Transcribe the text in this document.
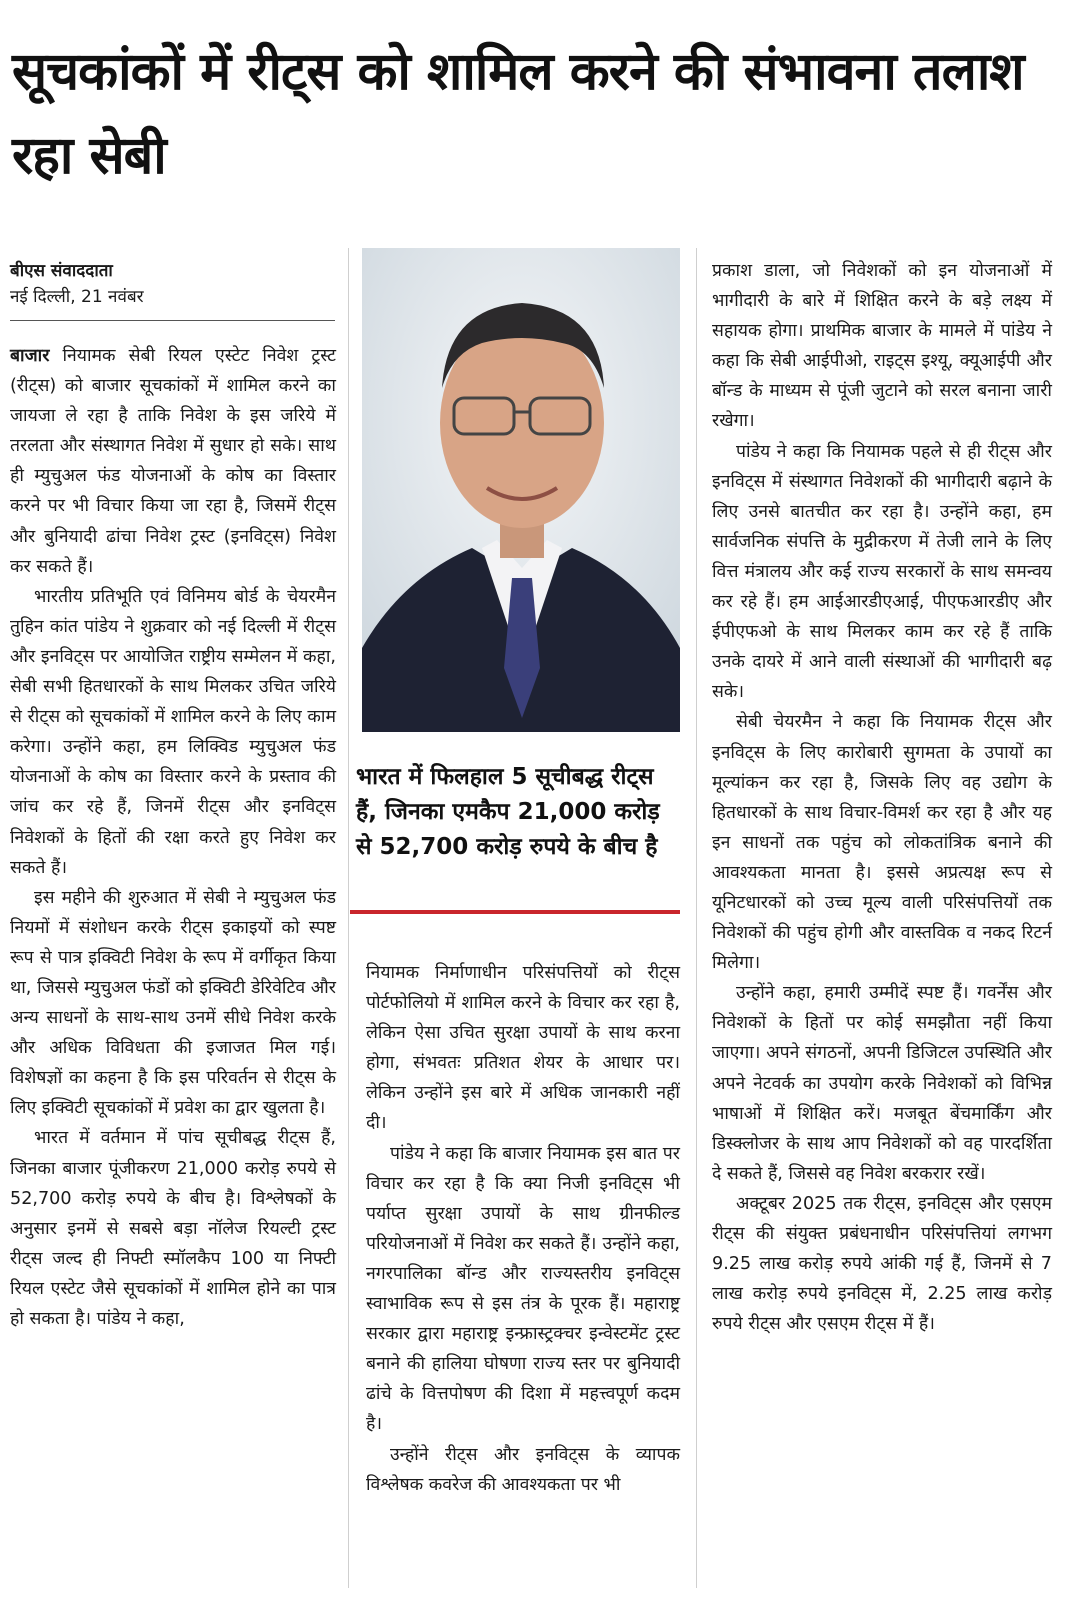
सूचकांकों में रीट्स को शामिल करने की संभावना तलाश रहा सेबी
बीएस संवाददाता
नई दिल्ली, 21 नवंबर

बाजार नियामक सेबी रियल एस्टेट निवेश ट्रस्ट (रीट्स) को बाजार सूचकांकों में शामिल करने का जायजा ले रहा है ताकि निवेश के इस जरिये में तरलता और संस्थागत निवेश में सुधार हो सके। साथ ही म्युचुअल फंड योजनाओं के कोष का विस्तार करने पर भी विचार किया जा रहा है, जिसमें रीट्स और बुनियादी ढांचा निवेश ट्रस्ट (इनविट्स) निवेश कर सकते हैं।

भारतीय प्रतिभूति एवं विनिमय बोर्ड के चेयरमैन तुहिन कांत पांडेय ने शुक्रवार को नई दिल्ली में रीट्स और इनविट्स पर आयोजित राष्ट्रीय सम्मेलन में कहा, सेबी सभी हितधारकों के साथ मिलकर उचित जरिये से रीट्स को सूचकांकों में शामिल करने के लिए काम करेगा। उन्होंने कहा, हम लिक्विड म्युचुअल फंड योजनाओं के कोष का विस्तार करने के प्रस्ताव की जांच कर रहे हैं, जिनमें रीट्स और इनविट्स निवेशकों के हितों की रक्षा करते हुए निवेश कर सकते हैं।

इस महीने की शुरुआत में सेबी ने म्युचुअल फंड नियमों में संशोधन करके रीट्स इकाइयों को स्पष्ट रूप से पात्र इक्विटी निवेश के रूप में वर्गीकृत किया था, जिससे म्युचुअल फंडों को इक्विटी डेरिवेटिव और अन्य साधनों के साथ-साथ उनमें सीधे निवेश करके और अधिक विविधता की इजाजत मिल गई। विशेषज्ञों का कहना है कि इस परिवर्तन से रीट्स के लिए इक्विटी सूचकांकों में प्रवेश का द्वार खुलता है।

भारत में वर्तमान में पांच सूचीबद्ध रीट्स हैं, जिनका बाजार पूंजीकरण 21,000 करोड़ रुपये से 52,700 करोड़ रुपये के बीच है। विश्लेषकों के अनुसार इनमें से सबसे बड़ा नॉलेज रियल्टी ट्रस्ट रीट्स जल्द ही निफ्टी स्मॉलकैप 100 या निफ्टी रियल एस्टेट जैसे सूचकांकों में शामिल होने का पात्र हो सकता है। पांडेय ने कहा,

भारत में फिलहाल 5 सूचीबद्ध रीट्स हैं, जिनका एमकैप 21,000 करोड़ से 52,700 करोड़ रुपये के बीच है

नियामक निर्माणाधीन परिसंपत्तियों को रीट्स पोर्टफोलियो में शामिल करने के विचार कर रहा है, लेकिन ऐसा उचित सुरक्षा उपायों के साथ करना होगा, संभवतः प्रतिशत शेयर के आधार पर। लेकिन उन्होंने इस बारे में अधिक जानकारी नहीं दी।

पांडेय ने कहा कि बाजार नियामक इस बात पर विचार कर रहा है कि क्या निजी इनविट्स भी पर्याप्त सुरक्षा उपायों के साथ ग्रीनफील्ड परियोजनाओं में निवेश कर सकते हैं। उन्होंने कहा, नगरपालिका बॉन्ड और राज्यस्तरीय इनविट्स स्वाभाविक रूप से इस तंत्र के पूरक हैं। महाराष्ट्र सरकार द्वारा महाराष्ट्र इन्फ्रास्ट्रक्चर इन्वेस्टमेंट ट्रस्ट बनाने की हालिया घोषणा राज्य स्तर पर बुनियादी ढांचे के वित्तपोषण की दिशा में महत्त्वपूर्ण कदम है।

उन्होंने रीट्स और इनविट्स के व्यापक विश्लेषक कवरेज की आवश्यकता पर भी

प्रकाश डाला, जो निवेशकों को इन योजनाओं में भागीदारी के बारे में शिक्षित करने के बड़े लक्ष्य में सहायक होगा। प्राथमिक बाजार के मामले में पांडेय ने कहा कि सेबी आईपीओ, राइट्स इश्यू, क्यूआईपी और बॉन्ड के माध्यम से पूंजी जुटाने को सरल बनाना जारी रखेगा।

पांडेय ने कहा कि नियामक पहले से ही रीट्स और इनविट्स में संस्थागत निवेशकों की भागीदारी बढ़ाने के लिए उनसे बातचीत कर रहा है। उन्होंने कहा, हम सार्वजनिक संपत्ति के मुद्रीकरण में तेजी लाने के लिए वित्त मंत्रालय और कई राज्य सरकारों के साथ समन्वय कर रहे हैं। हम आईआरडीएआई, पीएफआरडीए और ईपीएफओ के साथ मिलकर काम कर रहे हैं ताकि उनके दायरे में आने वाली संस्थाओं की भागीदारी बढ़ सके।

सेबी चेयरमैन ने कहा कि नियामक रीट्स और इनविट्स के लिए कारोबारी सुगमता के उपायों का मूल्यांकन कर रहा है, जिसके लिए वह उद्योग के हितधारकों के साथ विचार-विमर्श कर रहा है और यह इन साधनों तक पहुंच को लोकतांत्रिक बनाने की आवश्यकता मानता है। इससे अप्रत्यक्ष रूप से यूनिटधारकों को उच्च मूल्य वाली परिसंपत्तियों तक निवेशकों की पहुंच होगी और वास्तविक व नकद रिटर्न मिलेगा।

उन्होंने कहा, हमारी उम्मीदें स्पष्ट हैं। गवर्नेंस और निवेशकों के हितों पर कोई समझौता नहीं किया जाएगा। अपने संगठनों, अपनी डिजिटल उपस्थिति और अपने नेटवर्क का उपयोग करके निवेशकों को विभिन्न भाषाओं में शिक्षित करें। मजबूत बेंचमार्किंग और डिस्क्लोजर के साथ आप निवेशकों को वह पारदर्शिता दे सकते हैं, जिससे वह निवेश बरकरार रखें।

अक्टूबर 2025 तक रीट्स, इनविट्स और एसएम रीट्स की संयुक्त प्रबंधनाधीन परिसंपत्तियां लगभग 9.25 लाख करोड़ रुपये आंकी गई हैं, जिनमें से 7 लाख करोड़ रुपये इनविट्स में, 2.25 लाख करोड़ रुपये रीट्स और एसएम रीट्स में हैं।
